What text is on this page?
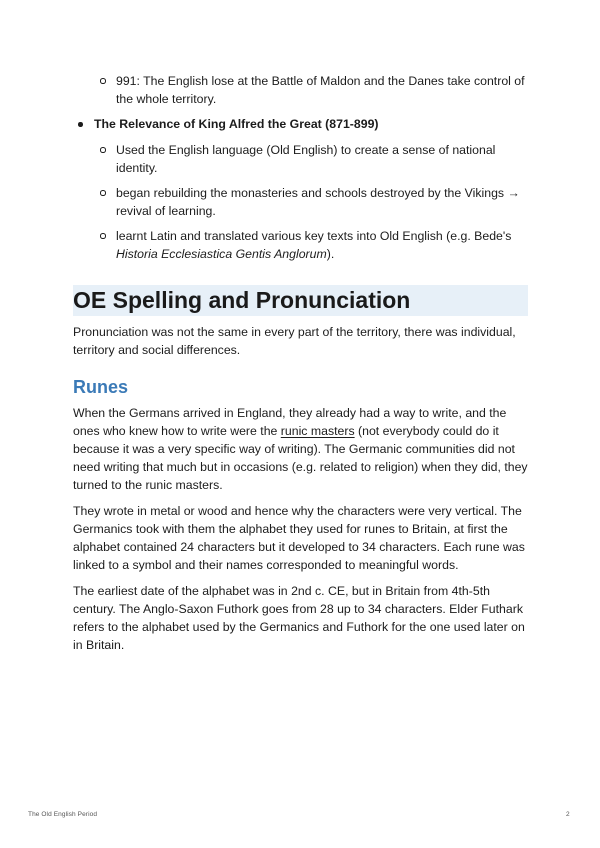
991: The English lose at the Battle of Maldon and the Danes take control of the whole territory.
The Relevance of King Alfred the Great (871-899)
Used the English language (Old English) to create a sense of national identity.
began rebuilding the monasteries and schools destroyed by the Vikings → revival of learning.
learnt Latin and translated various key texts into Old English (e.g. Bede's Historia Ecclesiastica Gentis Anglorum).
OE Spelling and Pronunciation

Pronunciation was not the same in every part of the territory, there was individual, territory and social differences.

Runes

When the Germans arrived in England, they already had a way to write, and the ones who knew how to write were the runic masters (not everybody could do it because it was a very specific way of writing). The Germanic communities did not need writing that much but in occasions (e.g. related to religion) when they did, they turned to the runic masters.

They wrote in metal or wood and hence why the characters were very vertical. The Germanics took with them the alphabet they used for runes to Britain, at first the alphabet contained 24 characters but it developed to 34 characters. Each rune was linked to a symbol and their names corresponded to meaningful words.

The earliest date of the alphabet was in 2nd c. CE, but in Britain from 4th-5th century. The Anglo-Saxon Futhork goes from 28 up to 34 characters. Elder Futhark refers to the alphabet used by the Germanics and Futhork for the one used later on in Britain.

The Old English Period	2
